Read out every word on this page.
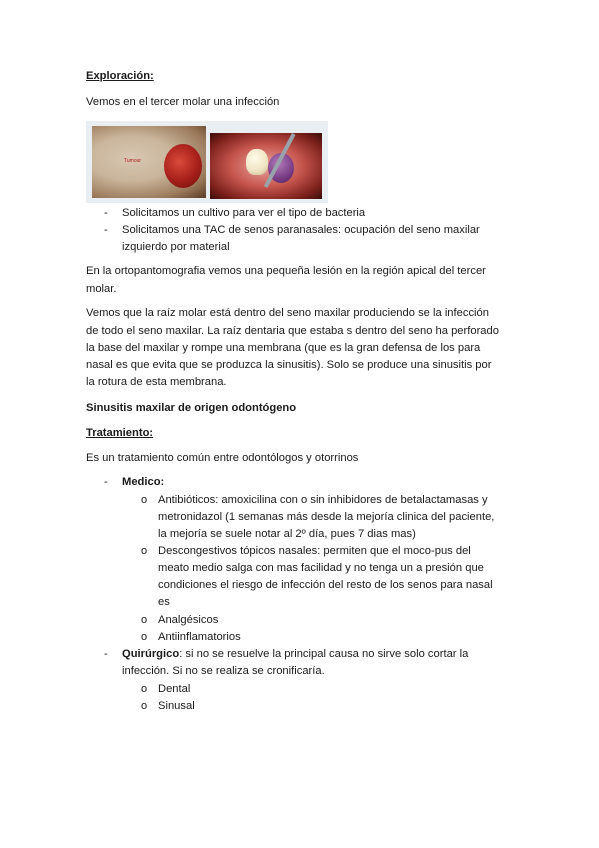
Exploración:
Vemos en el tercer molar una infección
Tumour
- Solicitamos un cultivo para ver el tipo de bacteria
- Solicitamos una TAC de senos paranasales: ocupación del seno maxilar
izquierdo por material
En la ortopantomografia vemos una pequeña lesión en la región apical del tercer
molar.
Vemos que la raíz molar está dentro del seno maxilar produciendo se la infección
de todo el seno maxilar. La raíz dentaria que estaba s dentro del seno ha perforado
la base del maxilar y rompe una membrana (que es la gran defensa de los para
nasal es que evita que se produzca la sinusitis). Solo se produce una sinusitis por
la rotura de esta membrana.
Sinusitis maxilar de origen odontógeno
Tratamiento:
Es un tratamiento común entre odontólogos y otorrinos
- Medico:
o Antibióticos: amoxicilina con o sin inhibidores de betalactamasas y
metronidazol (1 semanas más desde la mejoría clinica del paciente,
la mejoría se suele notar al 2º día, pues 7 dias mas)
o Descongestivos tópicos nasales: permiten que el moco-pus del
meato medio salga con mas facilidad y no tenga un a presión que
condiciones el riesgo de infección del resto de los senos para nasal
es
o Analgésicos
o Antiinflamatorios
- Quirúrgico: si no se resuelve la principal causa no sirve solo cortar la
infección. Si no se realiza se cronificaría.
o Dental
o Sinusal
